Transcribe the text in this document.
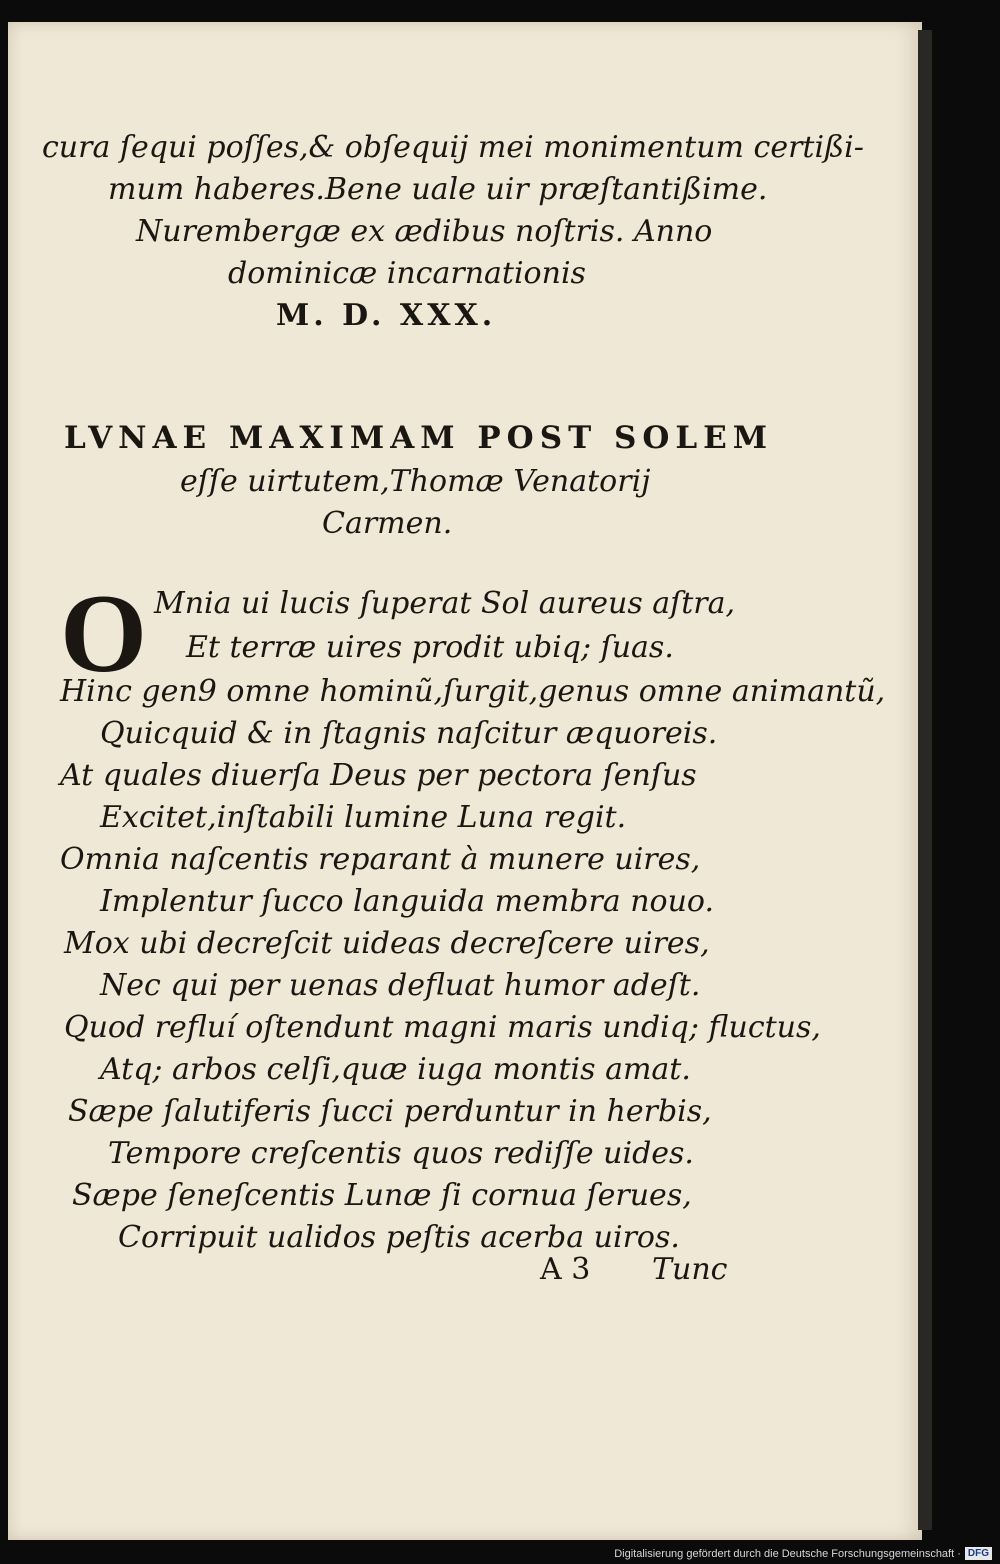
cura ſequi poſſes,& obſequij mei monimentum certißi-
mum haberes.Bene uale uir præſtantißime.
Nurembergæ ex ædibus noſtris. Anno
dominicæ incarnationis
M. D. XXX.
LVNAE MAXIMAM POST SOLEM
eſſe uirtutem,Thomæ Venatorij
Carmen.
O Mnia ui lucis ſuperat Sol aureus aſtra,
Et terræ uires prodit ubiq; ſuas.
Hinc gen9 omne hominũ,ſurgit,genus omne animantũ,
Quicquid & in ſtagnis naſcitur æquoreis.
At quales diuerſa Deus per pectora ſenſus
Excitet,inſtabili lumine Luna regit.
Omnia naſcentis reparant à munere uires,
Implentur ſucco languida membra nouo.
Mox ubi decreſcit uideas decreſcere uires,
Nec qui per uenas defluat humor adeſt.
Quod refluí oſtendunt magni maris undiq; fluctus,
Atq; arbos celſi,quæ iuga montis amat.
Sæpe ſalutiferis ſucci perduntur in herbis,
Tempore creſcentis quos rediſſe uides.
Sæpe ſeneſcentis Lunæ ſi cornua ſerues,
Corripuit ualidos peſtis acerba uiros.
A 3 Tunc
Digitalisierung gefördert durch die Deutsche Forschungsgemeinschaft · DFG
